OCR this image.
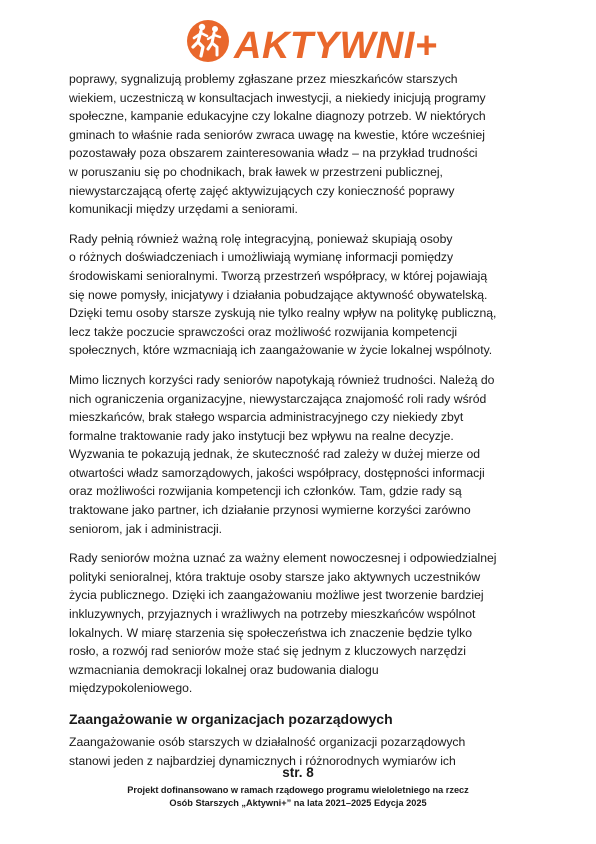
AKTYWNI+
poprawy, sygnalizują problemy zgłaszane przez mieszkańców starszych
wiekiem, uczestniczą w konsultacjach inwestycji, a niekiedy inicjują programy
społeczne, kampanie edukacyjne czy lokalne diagnozy potrzeb. W niektórych
gminach to właśnie rada seniorów zwraca uwagę na kwestie, które wcześniej
pozostawały poza obszarem zainteresowania władz – na przykład trudności
w poruszaniu się po chodnikach, brak ławek w przestrzeni publicznej,
niewystarczającą ofertę zajęć aktywizujących czy konieczność poprawy
komunikacji między urzędami a seniorami.
Rady pełnią również ważną rolę integracyjną, ponieważ skupiają osoby
o różnych doświadczeniach i umożliwiają wymianę informacji pomiędzy
środowiskami senioralnymi. Tworzą przestrzeń współpracy, w której pojawiają
się nowe pomysły, inicjatywy i działania pobudzające aktywność obywatelską.
Dzięki temu osoby starsze zyskują nie tylko realny wpływ na politykę publiczną,
lecz także poczucie sprawczości oraz możliwość rozwijania kompetencji
społecznych, które wzmacniają ich zaangażowanie w życie lokalnej wspólnoty.
Mimo licznych korzyści rady seniorów napotykają również trudności. Należą do
nich ograniczenia organizacyjne, niewystarczająca znajomość roli rady wśród
mieszkańców, brak stałego wsparcia administracyjnego czy niekiedy zbyt
formalne traktowanie rady jako instytucji bez wpływu na realne decyzje.
Wyzwania te pokazują jednak, że skuteczność rad zależy w dużej mierze od
otwartości władz samorządowych, jakości współpracy, dostępności informacji
oraz możliwości rozwijania kompetencji ich członków. Tam, gdzie rady są
traktowane jako partner, ich działanie przynosi wymierne korzyści zarówno
seniorom, jak i administracji.
Rady seniorów można uznać za ważny element nowoczesnej i odpowiedzialnej
polityki senioralnej, która traktuje osoby starsze jako aktywnych uczestników
życia publicznego. Dzięki ich zaangażowaniu możliwe jest tworzenie bardziej
inkluzywnych, przyjaznych i wrażliwych na potrzeby mieszkańców wspólnot
lokalnych. W miarę starzenia się społeczeństwa ich znaczenie będzie tylko
rosło, a rozwój rad seniorów może stać się jednym z kluczowych narzędzi
wzmacniania demokracji lokalnej oraz budowania dialogu
międzypokoleniowego.
Zaangażowanie w organizacjach pozarządowych
Zaangażowanie osób starszych w działalność organizacji pozarządowych
stanowi jeden z najbardziej dynamicznych i różnorodnych wymiarów ich

str. 8

Projekt dofinansowano w ramach rządowego programu wieloletniego na rzecz

Osób Starszych „Aktywni+” na lata 2021–2025 Edycja 2025
